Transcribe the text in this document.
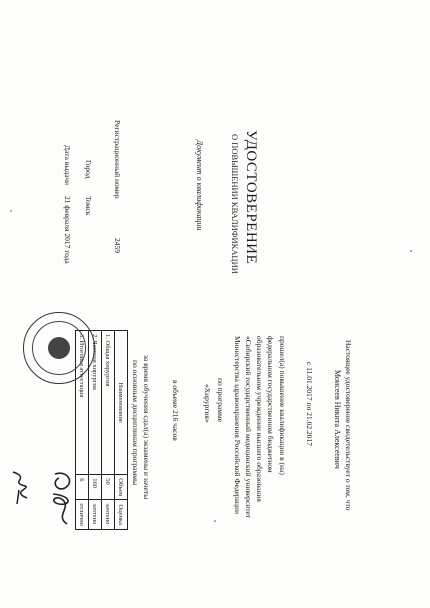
УДОСТОВЕРЕНИЕ
О ПОВЫШЕНИИ КВАЛИФИКАЦИИ
Документ о квалификации
Регистрационный номер
2459
Город
Томск
Дата выдачи
21 февраля 2017 года
Настоящее удостоверение свидетельствует о том, что
Моисеев Никита Алексеевич
с 11.01.2017 по 21.02.2017
прошел(а) повышение квалификации в (на)
федеральном государственном бюджетном
образовательном учреждении высшего образования
«Сибирский государственный медицинский университет
Министерства здравоохранения Российской Федерации
по программе
«Хирургия»
в объеме 216 часов
за время обучения сдал(а) экзамены и зачеты
по основным дисциплинам программы
Наименование	Объем	Оценка
1. Общая хирургия	50	зачтено
2. Частная хирургия	160	зачтено
3. Итоговая аттестация	6	отлично
